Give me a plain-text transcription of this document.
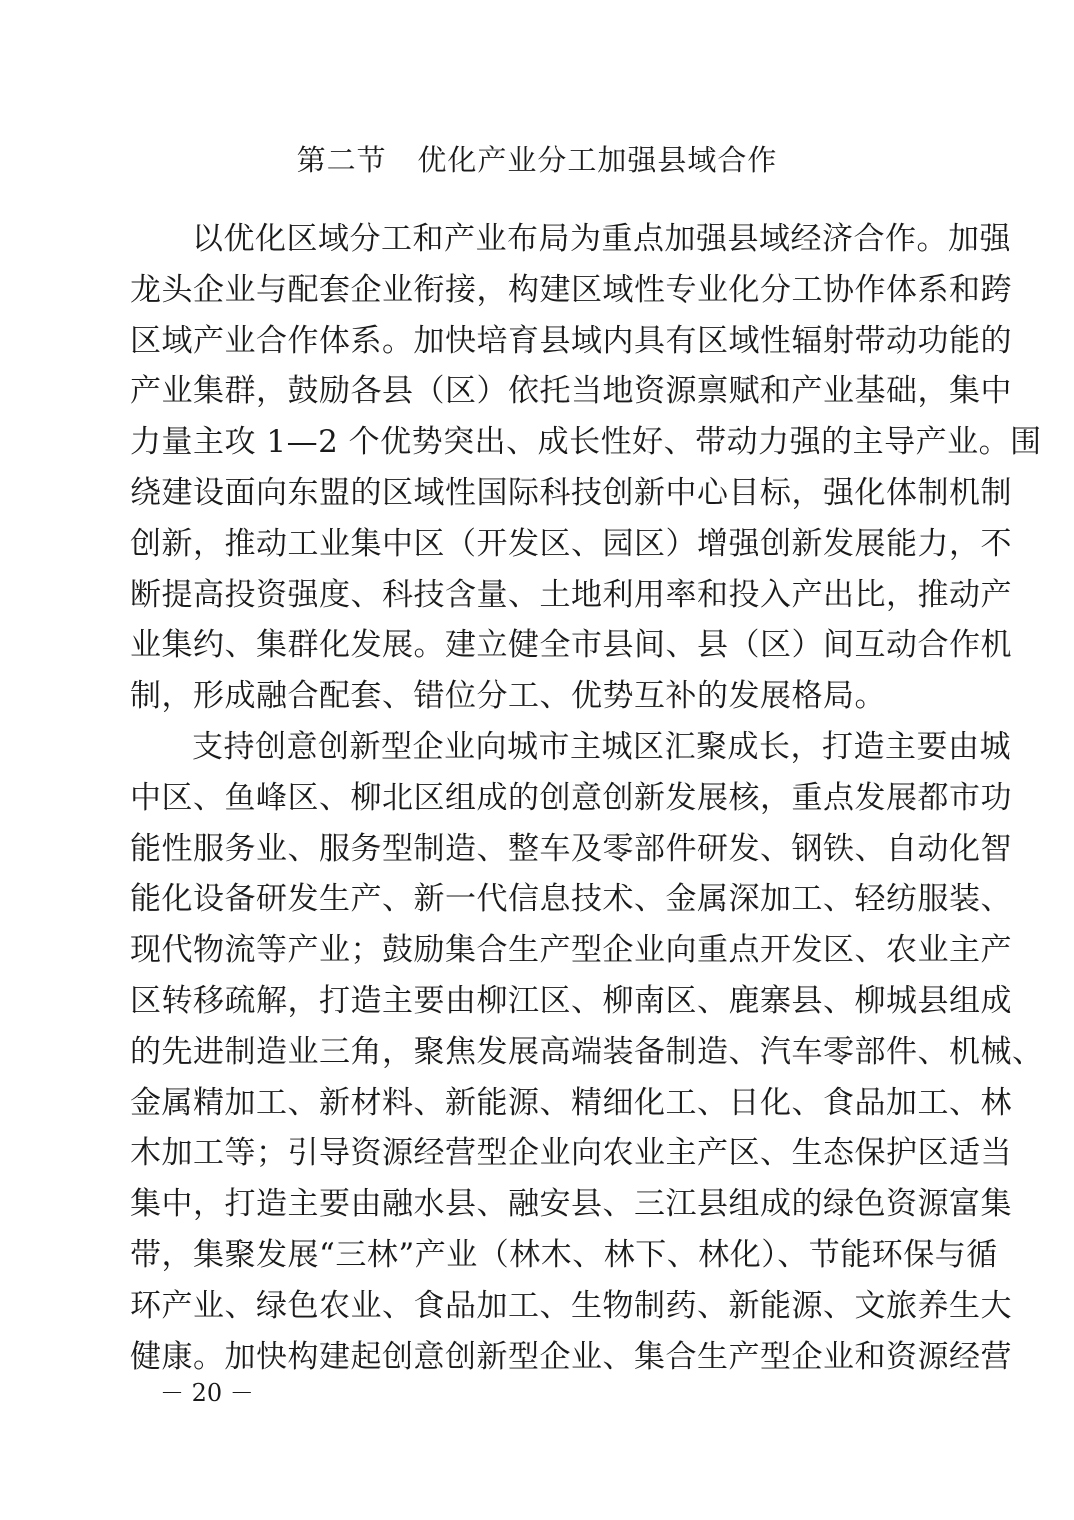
第二节   优化产业分工加强县域合作
以优化区域分工和产业布局为重点加强县域经济合作。加强
龙头企业与配套企业衔接，构建区域性专业化分工协作体系和跨
区域产业合作体系。加快培育县域内具有区域性辐射带动功能的
产业集群，鼓励各县（区）依托当地资源禀赋和产业基础，集中
力量主攻 1—2 个优势突出、成长性好、带动力强的主导产业。围
绕建设面向东盟的区域性国际科技创新中心目标，强化体制机制
创新，推动工业集中区（开发区、园区）增强创新发展能力，不
断提高投资强度、科技含量、土地利用率和投入产出比，推动产
业集约、集群化发展。建立健全市县间、县（区）间互动合作机
制，形成融合配套、错位分工、优势互补的发展格局。
支持创意创新型企业向城市主城区汇聚成长，打造主要由城
中区、鱼峰区、柳北区组成的创意创新发展核，重点发展都市功
能性服务业、服务型制造、整车及零部件研发、钢铁、自动化智
能化设备研发生产、新一代信息技术、金属深加工、轻纺服装、
现代物流等产业；鼓励集合生产型企业向重点开发区、农业主产
区转移疏解，打造主要由柳江区、柳南区、鹿寨县、柳城县组成
的先进制造业三角，聚焦发展高端装备制造、汽车零部件、机械、
金属精加工、新材料、新能源、精细化工、日化、食品加工、林
木加工等；引导资源经营型企业向农业主产区、生态保护区适当
集中，打造主要由融水县、融安县、三江县组成的绿色资源富集
带，集聚发展“三林”产业（林木、林下、林化）、节能环保与循
环产业、绿色农业、食品加工、生物制药、新能源、文旅养生大
健康。加快构建起创意创新型企业、集合生产型企业和资源经营
－ 20 －
